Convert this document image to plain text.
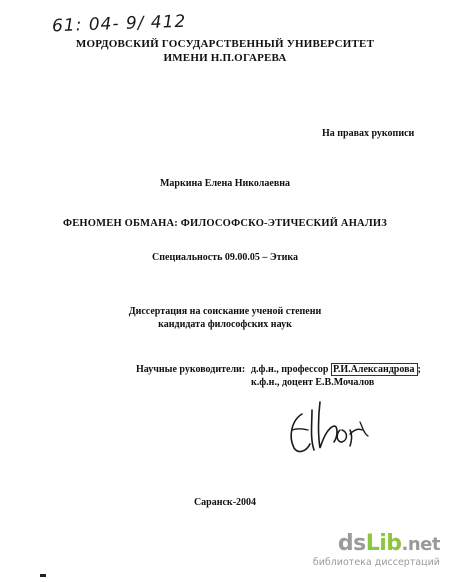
61: 04- 9/ 412
МОРДОВСКИЙ ГОСУДАРСТВЕННЫЙ УНИВЕРСИТЕТ
ИМЕНИ Н.П.ОГАРЕВА
На правах рукописи
Маркина Елена Николаевна
ФЕНОМЕН ОБМАНА: ФИЛОСОФСКО-ЭТИЧЕСКИЙ АНАЛИЗ
Специальность 09.00.05 – Этика
Диссертация на соискание ученой степени
кандидата философских наук
Научные руководители: д.ф.н., профессор Р.И.Александрова ;
к.ф.н., доцент Е.В.Мочалов
Саранск-2004
ds Lib .net
библиотека диссертаций
